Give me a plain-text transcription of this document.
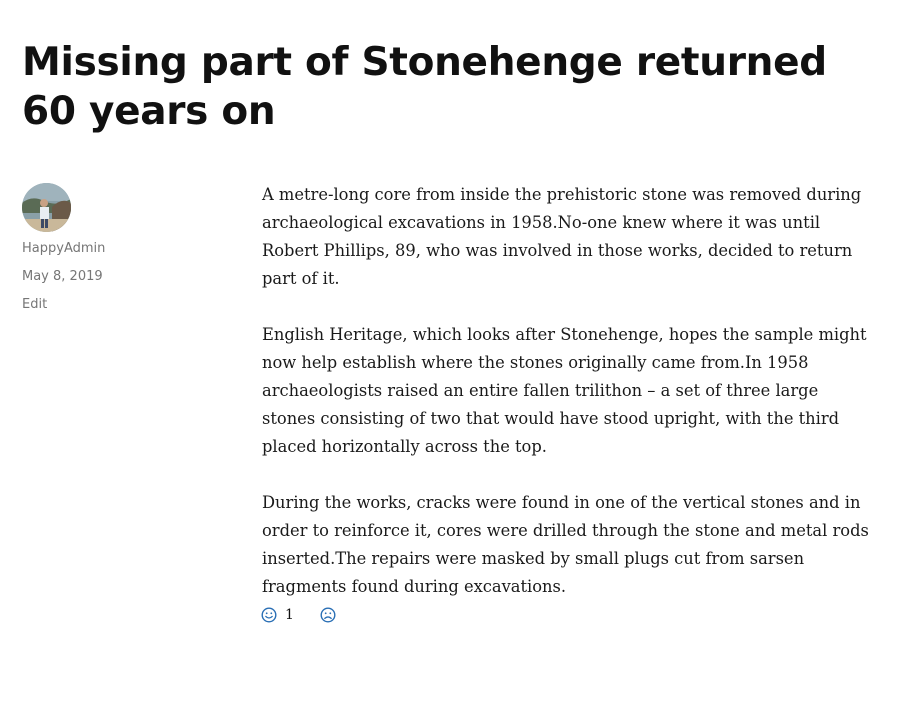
Missing part of Stonehenge returned 60 years on
HappyAdmin
May 8, 2019
Edit

A metre-long core from inside the prehistoric stone was removed during archaeological excavations in 1958.No-one knew where it was until Robert Phillips, 89, who was involved in those works, decided to return part of it.

English Heritage, which looks after Stonehenge, hopes the sample might now help establish where the stones originally came from.In 1958 archaeologists raised an entire fallen trilithon – a set of three large stones consisting of two that would have stood upright, with the third placed horizontally across the top.

During the works, cracks were found in one of the vertical stones and in order to reinforce it, cores were drilled through the stone and metal rods inserted.The repairs were masked by small plugs cut from sarsen fragments found during excavations.

1
